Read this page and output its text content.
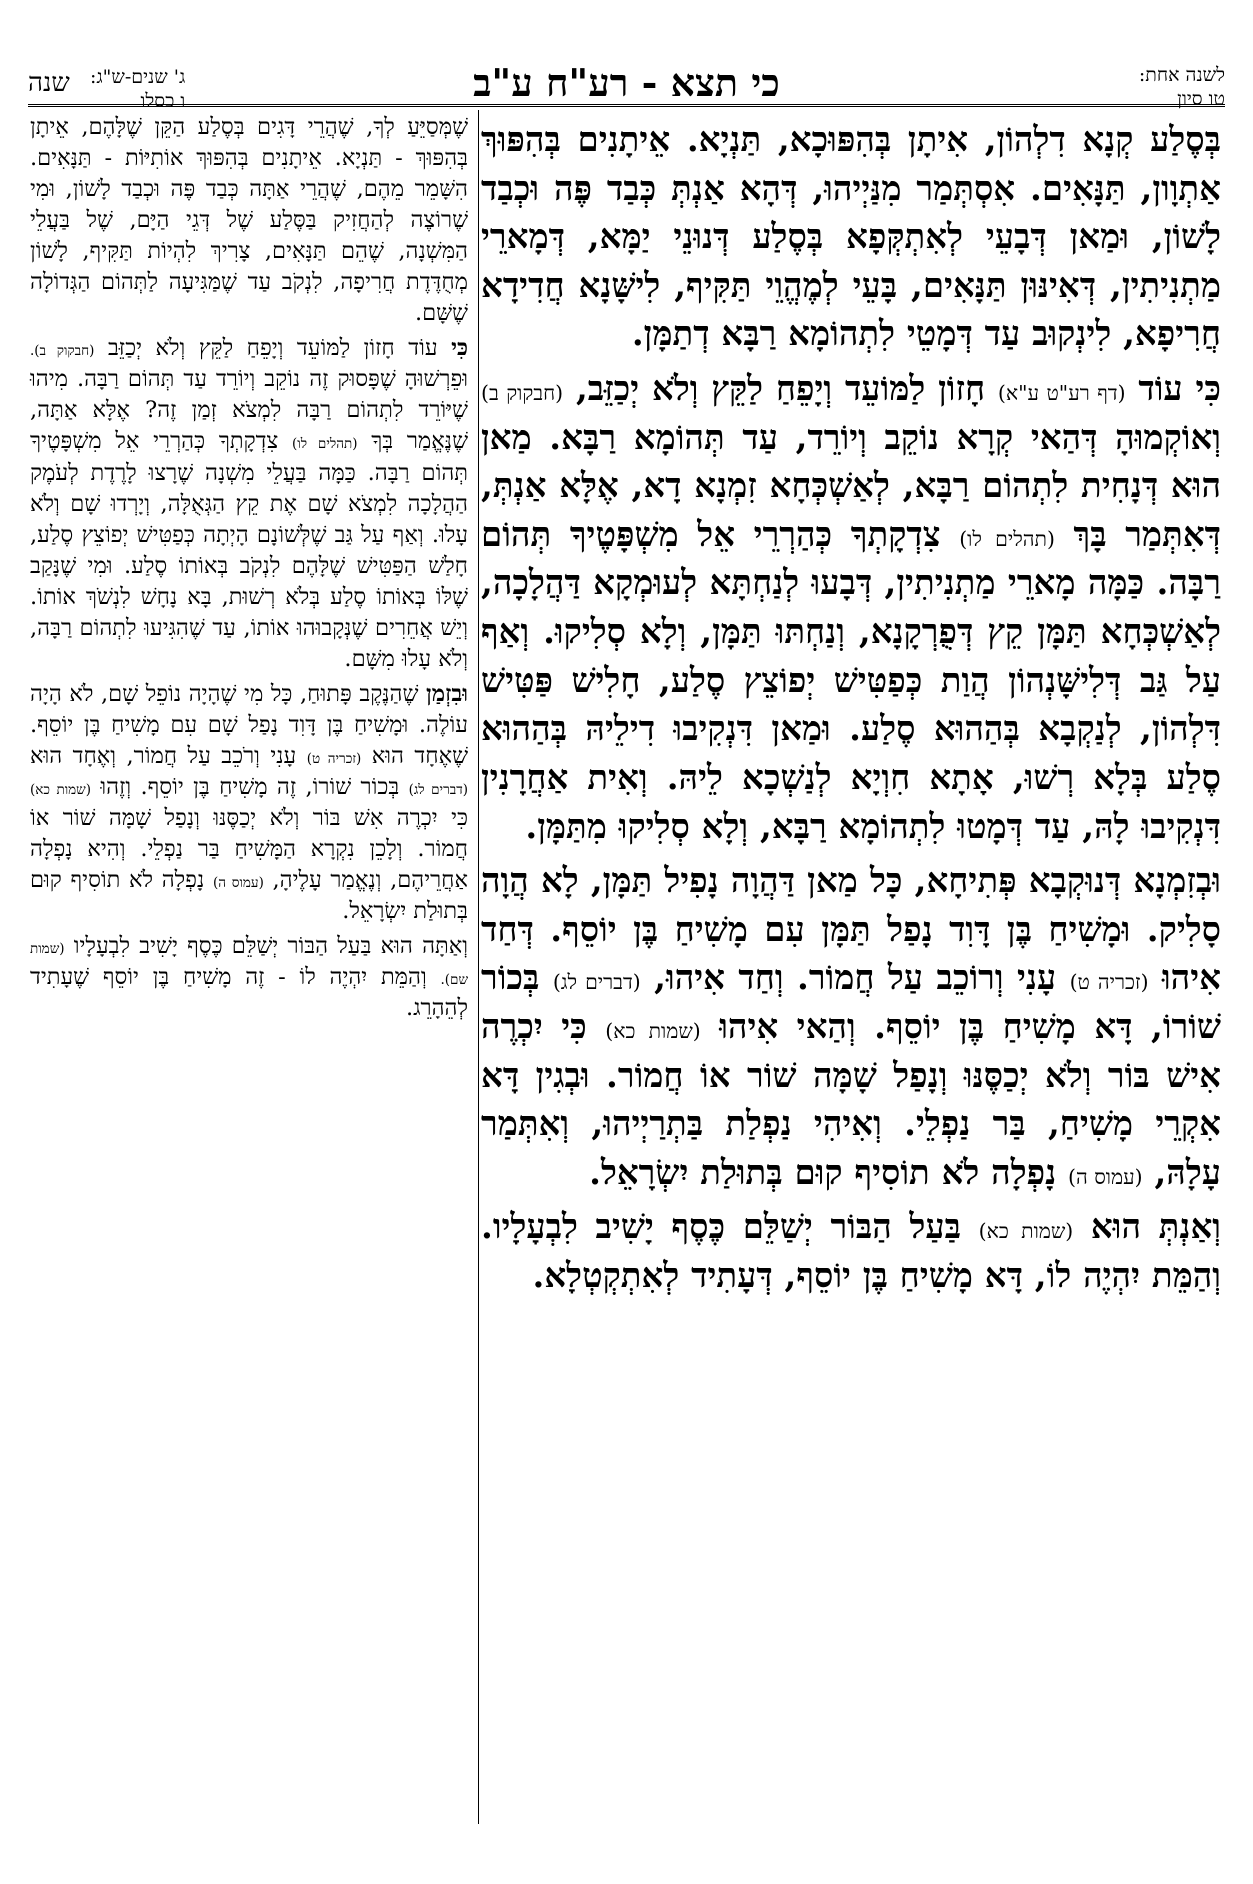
לשנה אחת:
טו סיון
כי תצא - רע"ח ע"ב
ג' שנים-ש"ג:
ו כסלו
שנה

בְּסֶלַע קְנָא דִלְהוֹן, אִיתָן בְּהִפּוּכָא, תַּנְיָא. אֵיתָנִים בְּהִפּוּךְ אַתְוָון, תַּנָּאִים. אִסְתְּמַר מִנַּיְיהוּ, דְּהָא אַנְתְּ כְּבַד פֶּה וּכְבַד לָשׁוֹן, וּמַאן דְּבָעֵי לְאִתְקְּפָא בְּסֶלַע דְּנוּנֵי יַמָּא, דְּמָארֵי מַתְנִיתִין, דְּאִינּוּן תַּנָּאִים, בָּעֵי לְמֶהֱוֵי תַּקִּיף, לִישָּׁנָא חֲדִידָא חֲרִיפָא, לִינְקוּב עַד דְּמָטֵי לִתְהוֹמָא רַבָּא דְתַמָּן.

כִּי עוֹד (דף רע"ט ע"א) חָזוֹן לַמּוֹעֵד וְיָפֵחַ לַקֵּץ וְלֹא יְכַזֵּב, (חבקוק ב) וְאוֹקְמוּהָ דְּהַאי קְרָא נוֹקֵב וְיוֹרֵד, עַד תְּהוֹמָא רַבָּא. מַאן הוּא דְּנָחִית לִתְהוֹם רַבָּא, לְאַשְׁכְּחָא זִמְנָא דָא, אֶלָּא אַנְתְּ, דְּאִתְּמַר בָּךְ (תהלים לו) צִדְקָתְךָ כְּהַרְרֵי אֵל מִשְׁפָּטֶיךָ תְּהוֹם רַבָּה. כַּמָּה מָארֵי מַתְנִיתִין, דְּבָעוּ לְנַחְתָּא לְעוּמְקָא דַּהֲלָכָה, לְאַשְׁכְּחָא תַּמָּן קֵץ דְּפֻרְקָנָא, וְנַחְתּוּ תַּמָּן, וְלָא סְלִיקוּ. וְאַף עַל גַּב דְּלִישָּׁנְהוֹן הֲוַת כְּפַטִּישׁ יְפוֹצֵץ סֶלַע, חָלִישׁ פַּטִּישׁ דִּלְהוֹן, לְנַקְבָא בְּהַהוּא סֶלַע. וּמַאן דִּנְקִיבוּ דִילֵיהּ בְּהַהוּא סֶלַע בְּלָא רְשׁוּ, אָתָא חִוְיָא לְנַשְׁכָא לֵיהּ. וְאִית אַחֲרָנִין דִּנְקִיבוּ לָהּ, עַד דְּמָטוּ לִתְהוֹמָא רַבָּא, וְלָא סְלִיקוּ מִתַּמָּן.

וּבְזִמְנָא דְּנוּקְבָא פְּתִיחָא, כָּל מַאן דַּהֲוָה נָפִיל תַּמָּן, לָא הֲוָה סָלִיק. וּמָשִׁיחַ בֶּן דָּוִד נָפַל תַּמָּן עִם מָשִׁיחַ בֶּן יוֹסֵף. דְּחַד אִיהוּ (זכריה ט) עָנִי וְרוֹכֵב עַל חֲמוֹר. וְחַד אִיהוּ, (דברים לג) בְּכוֹר שׁוֹרוֹ, דָּא מָשִׁיחַ בֶּן יוֹסֵף. וְהַאי אִיהוּ (שמות כא) כִּי יִכְרֶה אִישׁ בּוֹר וְלֹא יְכַסֶּנּוּ וְנָפַל שָׁמָּה שׁוֹר אוֹ חֲמוֹר. וּבְגִין דָּא אִקְרֵי מָשִׁיחַ, בַּר נַפְלֵי. וְאִיהִי נַפְלַת בַּתְרַיְיהוּ, וְאִתְּמַר עָלָהּ, (עמוס ה) נָפְלָה לֹא תוֹסִיף קוּם בְּתוּלַת יִשְׂרָאֵל.

וְאַנְתְּ הוּא (שמות כא) בַּעַל הַבּוֹר יְשַׁלֵּם כֶּסֶף יָשִׁיב לִבְעָלָיו. וְהַמֵּת יִהְיֶה לוֹ, דָּא מָשִׁיחַ בֶּן יוֹסֵף, דְּעָתִיד לְאִתְקְטְלָא.

שֶׁמְּסַיֵּעַ לְךָ, שֶׁהֲרֵי דָּגִים בְּסֶלַע הַקֵּן שֶׁלָּהֶם, אֵיתָן בְּהִפּוּךְ - תַּנְיָא. אֵיתָנִים בְּהִפּוּךְ אוֹתִיּוֹת - תַּנָּאִים. הִשָּׁמֵר מֵהֶם, שֶׁהֲרֵי אַתָּה כְּבַד פֶּה וּכְבַד לָשׁוֹן, וּמִי שֶׁרוֹצֶה לְהַחֲזִיק בַּסֶּלַע שֶׁל דְּגֵי הַיָּם, שֶׁל בַּעֲלֵי הַמִּשְׁנָה, שֶׁהֵם תַּנָּאִים, צָרִיךְ לִהְיוֹת תַּקִּיף, לָשׁוֹן מְחֻדֶּדֶת חֲרִיפָה, לִנְקֹב עַד שֶׁמַּגִּיעָה לַתְּהוֹם הַגְּדוֹלָה שֶׁשָּׁם.

כִּי עוֹד חָזוֹן לַמּוֹעֵד וְיָפֵחַ לַקֵּץ וְלֹא יְכַזֵּב (חבקוק ב). וּפֵרְשׁוּהָ שֶׁפָּסוּק זֶה נוֹקֵב וְיוֹרֵד עַד תְּהוֹם רַבָּה. מִיהוּ שֶׁיּוֹרֵד לִתְהוֹם רַבָּה לִמְצֹא זְמַן זֶה? אֶלָּא אַתָּה, שֶׁנֶּאֱמַר בְּךָ (תהלים לו) צִדְקָתְךָ כְּהַרְרֵי אֵל מִשְׁפָּטֶיךָ תְּהוֹם רַבָּה. כַּמָּה בַּעֲלֵי מִשְׁנָה שֶׁרָצוּ לָרֶדֶת לְעֹמֶק הַהֲלָכָה לִמְצֹא שָׁם אֶת קֵץ הַגְּאֻלָּה, וְיָרְדוּ שָׁם וְלֹא עָלוּ. וְאַף עַל גַּב שֶׁלְּשׁוֹנָם הָיְתָה כְּפַטִּישׁ יְפוֹצֵץ סֶלַע, חָלַשׁ הַפַּטִּישׁ שֶׁלָּהֶם לִנְקֹב בְּאוֹתוֹ סֶלַע. וּמִי שֶׁנָּקַב שֶׁלּוֹ בְּאוֹתוֹ סֶלַע בְּלֹא רְשׁוּת, בָּא נָחָשׁ לִנְשֹׁךְ אוֹתוֹ. וְיֵשׁ אֲחֵרִים שֶׁנְּקָבוּהוּ אוֹתוֹ, עַד שֶׁהִגִּיעוּ לִתְהוֹם רַבָּה, וְלֹא עָלוּ מִשָּׁם.

וּבִזְמַן שֶׁהַנֶּקֶב פָּתוּחַ, כָּל מִי שֶׁהָיָה נוֹפֵל שָׁם, לֹא הָיָה עוֹלֶה. וּמָשִׁיחַ בֶּן דָּוִד נָפַל שָׁם עִם מָשִׁיחַ בֶּן יוֹסֵף. שֶׁאֶחָד הוּא (זכריה ט) עָנִי וְרֹכֵב עַל חֲמוֹר, וְאֶחָד הוּא (דברים לג) בְּכוֹר שׁוֹרוֹ, זֶה מָשִׁיחַ בֶּן יוֹסֵף. וְזֶהוּ (שמות כא) כִּי יִכְרֶה אִשׁ בּוֹר וְלֹא יְכַסֶּנּוּ וְנָפַל שָׁמָּה שׁוֹר אוֹ חֲמוֹר. וְלָכֵן נִקְרָא הַמָּשִׁיחַ בַּר נַפְלֵי. וְהִיא נָפְלָה אַחֲרֵיהֶם, וְנֶאֱמַר עָלֶיהָ, (עמוס ה) נָפְלָה לֹא תוֹסִיף קוּם בְּתוּלַת יִשְׂרָאֵל.

וְאַתָּה הוּא בַּעַל הַבּוֹר יְשַׁלֵּם כֶּסֶף יָשִׁיב לִבְעָלָיו (שמות שם). וְהַמֵּת יִהְיֶה לוֹ - זֶה מָשִׁיחַ בֶּן יוֹסֵף שֶׁעָתִיד לְהֵהָרֵג.
